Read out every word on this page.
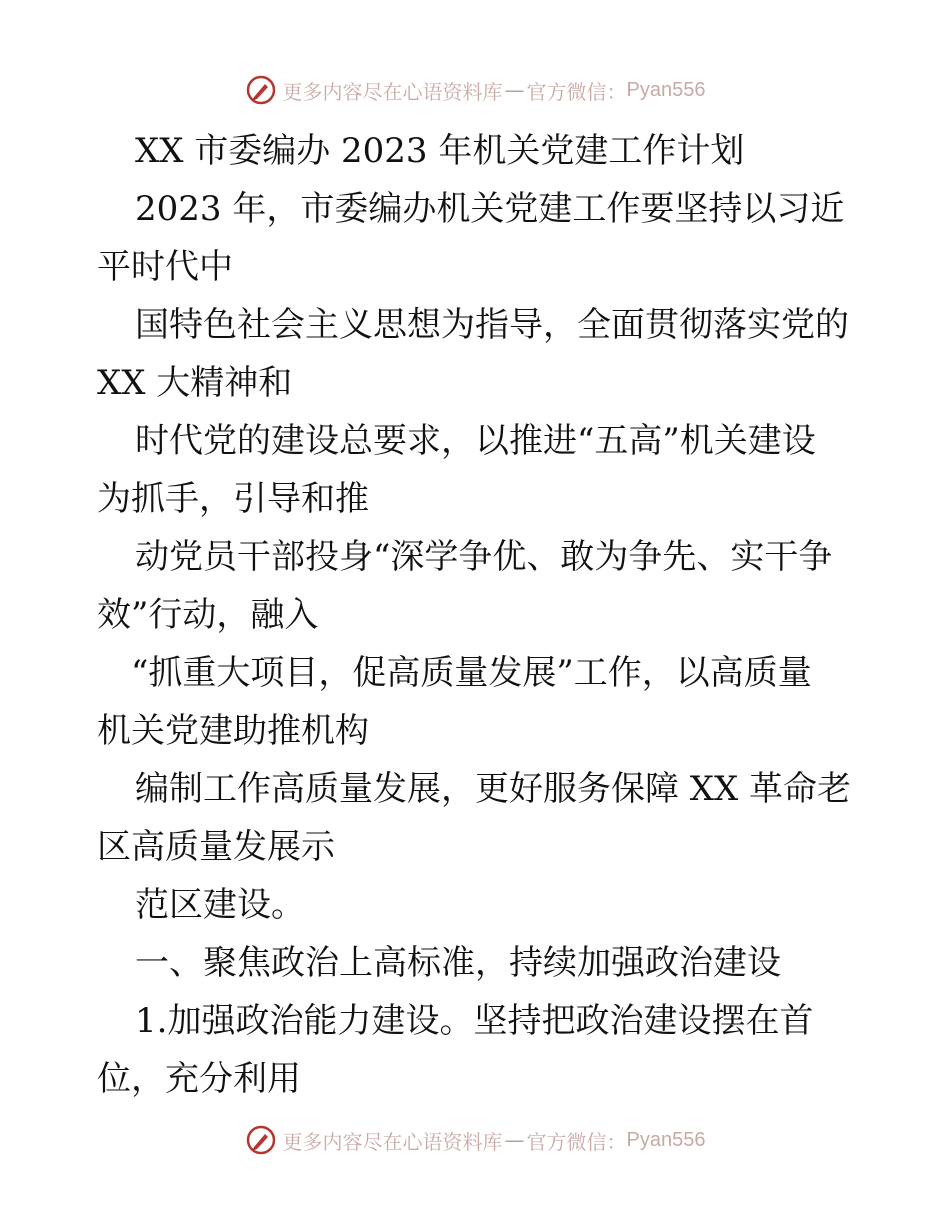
更多内容尽在心语资料库 — 官方微信： Pyan556
XX 市委编办 2023 年机关党建工作计划
2023 年，市委编办机关党建工作要坚持以习近
平时代中
国特色社会主义思想为指导，全面贯彻落实党的
XX 大精神和
时代党的建设总要求，以推进“五高”机关建设
为抓手，引导和推
动党员干部投身“深学争优、敢为争先、实干争
效”行动，融入
“抓重大项目，促高质量发展”工作，以高质量
机关党建助推机构
编制工作高质量发展，更好服务保障 XX 革命老
区高质量发展示
范区建设。
一、聚焦政治上高标准，持续加强政治建设
1.加强政治能力建设。坚持把政治建设摆在首
位，充分利用
更多内容尽在心语资料库 — 官方微信： Pyan556
